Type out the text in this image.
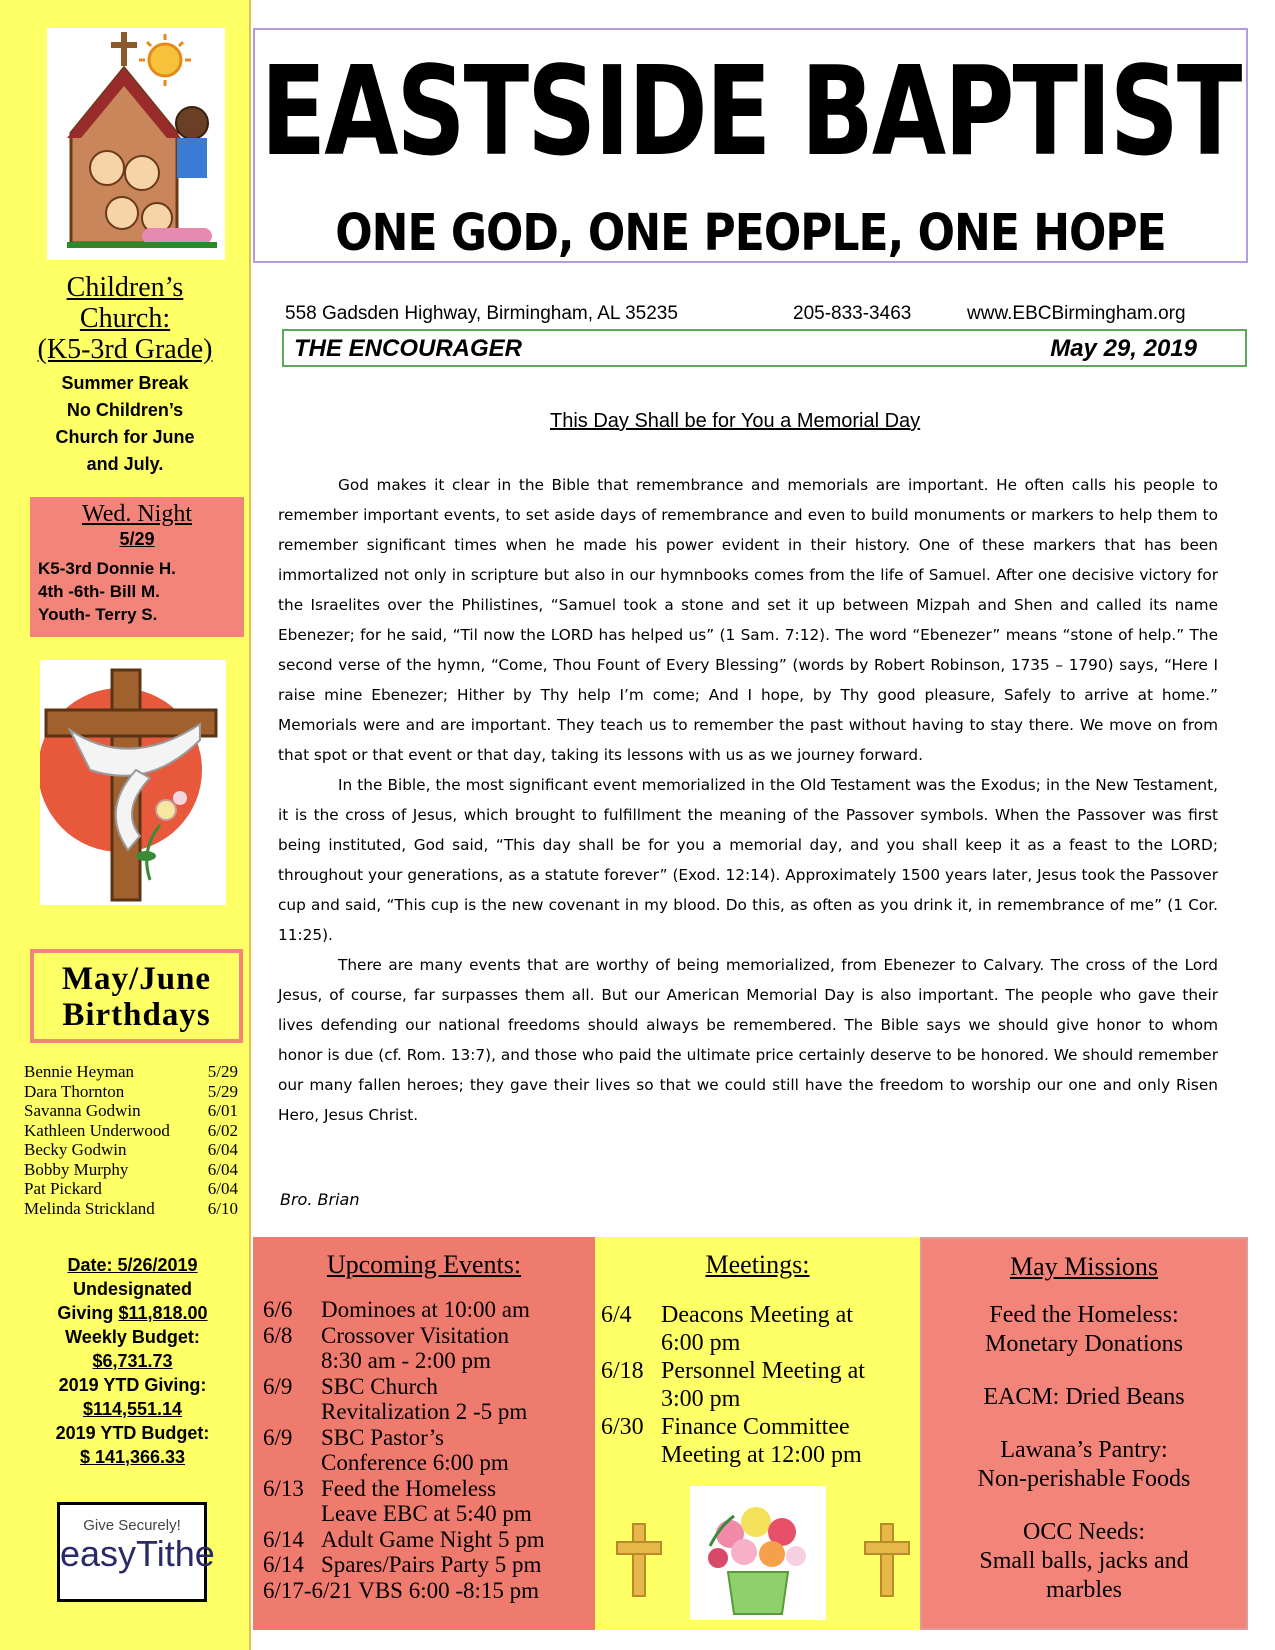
Children’s
Church:
(K5-3rd Grade)
Summer Break
No Children’s
Church for June
and July.
Wed. Night
5/29
K5-3rd Donnie H.
4th -6th- Bill M.
Youth- Terry S.
May/June
Birthdays
Bennie Heyman	5/29
Dara Thornton	5/29
Savanna Godwin	6/01
Kathleen Underwood 6/02
Becky Godwin	6/04
Bobby Murphy	6/04
Pat Pickard	6/04
Melinda Strickland	6/10
Date: 5/26/2019
Undesignated
Giving $11,818.00
Weekly Budget:
$6,731.73
2019 YTD Giving:
$114,551.14
2019 YTD Budget:
$ 141,366.33
Give Securely!
easyTithe
EASTSIDE BAPTIST
ONE GOD, ONE PEOPLE, ONE HOPE
558 Gadsden Highway, Birmingham, AL 35235	205-833-3463	www.EBCBirmingham.org
THE ENCOURAGER	May 29, 2019
This Day Shall be for You a Memorial Day

God makes it clear in the Bible that remembrance and memorials are important. He often calls his people to remember important events, to set aside days of remembrance and even to build monuments or markers to help them to remember significant times when he made his power evident in their history. One of these markers that has been immortalized not only in scripture but also in our hymnbooks comes from the life of Samuel. After one decisive victory for the Israelites over the Philistines, “Samuel took a stone and set it up between Mizpah and Shen and called its name Ebenezer; for he said, “Til now the LORD has helped us” (1 Sam. 7:12). The word “Ebenezer” means “stone of help.” The second verse of the hymn, “Come, Thou Fount of Every Blessing” (words by Robert Robinson, 1735 – 1790) says, “Here I raise mine Ebenezer; Hither by Thy help I’m come; And I hope, by Thy good pleasure, Safely to arrive at home.” Memorials were and are important. They teach us to remember the past without having to stay there. We move on from that spot or that event or that day, taking its lessons with us as we journey forward.

In the Bible, the most significant event memorialized in the Old Testament was the Exodus; in the New Testament, it is the cross of Jesus, which brought to fulfillment the meaning of the Passover symbols. When the Passover was first being instituted, God said, “This day shall be for you a memorial day, and you shall keep it as a feast to the LORD; throughout your generations, as a statute forever” (Exod. 12:14). Approximately 1500 years later, Jesus took the Passover cup and said, “This cup is the new covenant in my blood. Do this, as often as you drink it, in remembrance of me” (1 Cor. 11:25).

There are many events that are worthy of being memorialized, from Ebenezer to Calvary. The cross of the Lord Jesus, of course, far surpasses them all. But our American Memorial Day is also important. The people who gave their lives defending our national freedoms should always be remembered. The Bible says we should give honor to whom honor is due (cf. Rom. 13:7), and those who paid the ultimate price certainly deserve to be honored. We should remember our many fallen heroes; they gave their lives so that we could still have the freedom to worship our one and only Risen Hero, Jesus Christ.

Bro. Brian
Upcoming Events:
6/6	Dominoes at 10:00 am
6/8	Crossover Visitation
8:30 am - 2:00 pm
6/9	SBC Church
Revitalization 2 -5 pm
6/9	SBC Pastor’s
Conference 6:00 pm
6/13 Feed the Homeless
Leave EBC at 5:40 pm
6/14 Adult Game Night 5 pm
6/14 Spares/Pairs Party 5 pm
6/17-6/21
VBS 6:00 -8:15 pm
Meetings:
6/4	Deacons Meeting at
6:00 pm
6/18 Personnel Meeting at
3:00 pm
6/30 Finance Committee
Meeting at 12:00 pm
May Missions
Feed the Homeless:
Monetary Donations
EACM: Dried Beans
Lawana’s Pantry:
Non-perishable Foods
OCC Needs:
Small balls, jacks and
marbles
